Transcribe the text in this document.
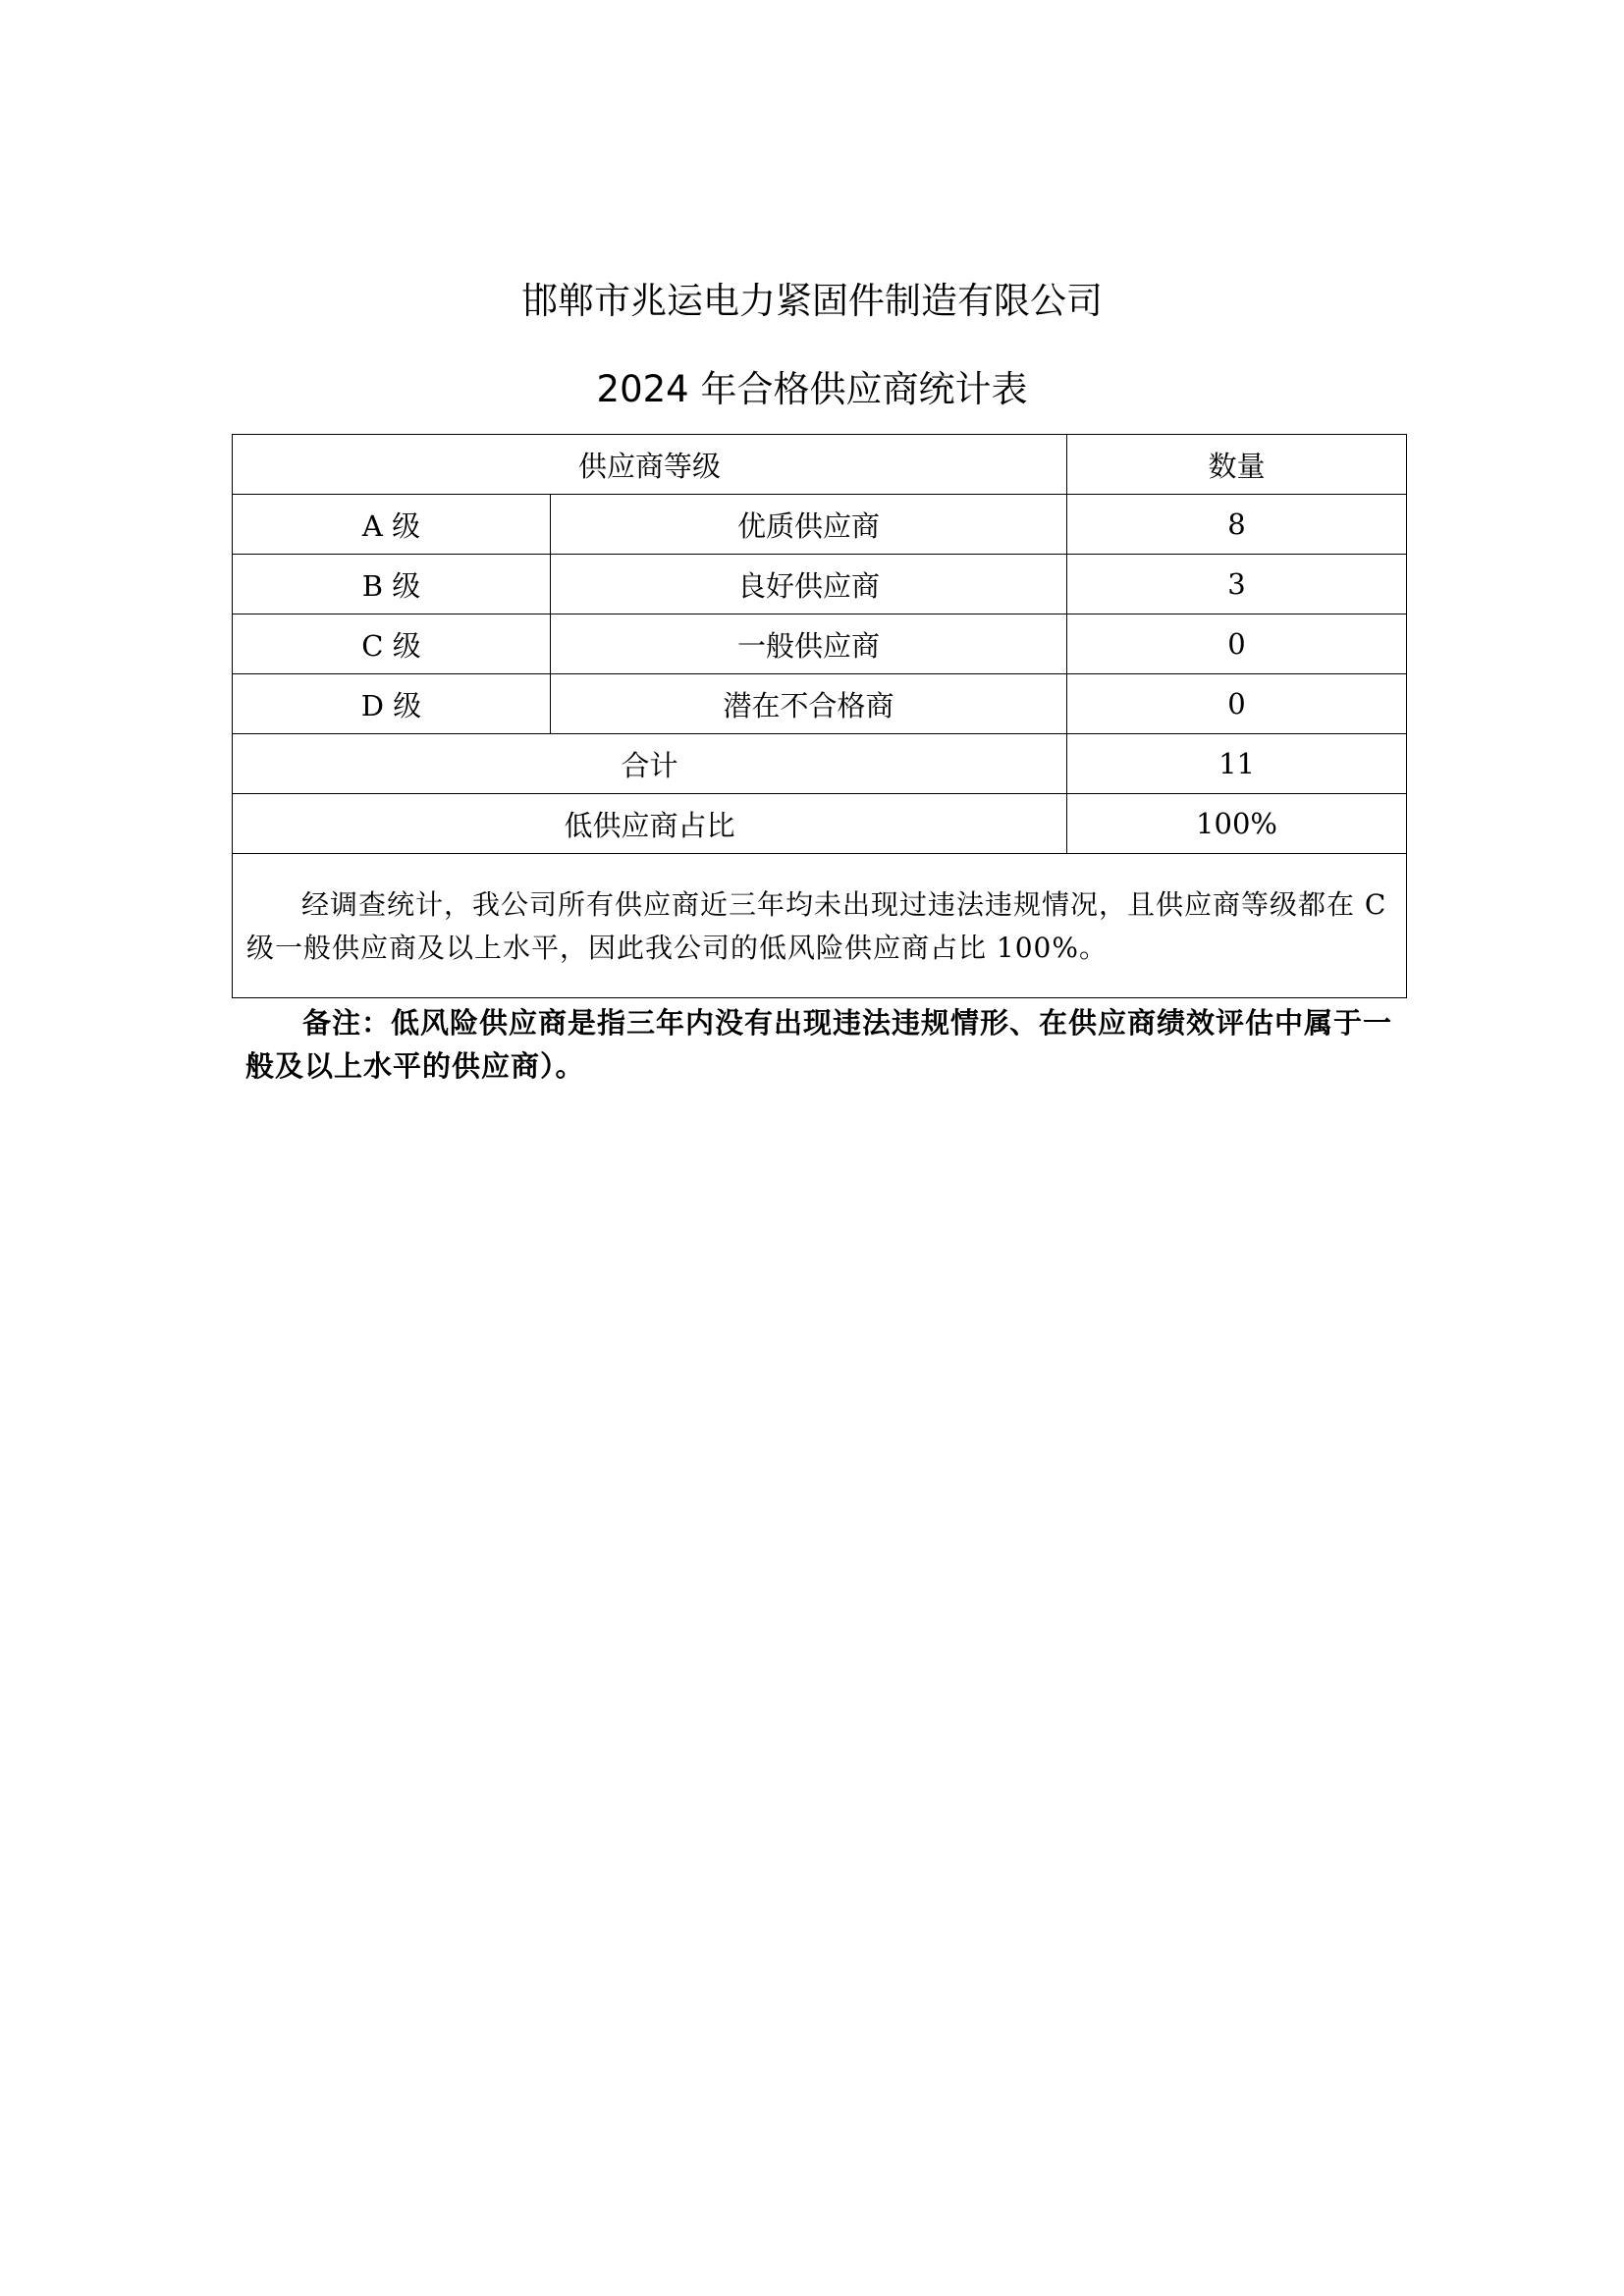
邯郸市兆运电力紧固件制造有限公司
2024 年合格供应商统计表
供应商等级		数量
A 级	优质供应商	8
B 级	良好供应商	3
C 级	一般供应商	0
D 级	潜在不合格商	0
合计		11
低供应商占比		100%
经调查统计，我公司所有供应商近三年均未出现过违法违规情况，且供应商等级都在 C 级一般供应商及以上水平，因此我公司的低风险供应商占比 100%。		
备注：低风险供应商是指三年内没有出现违法违规情形、在供应商绩效评估中属于一般及以上水平的供应商）。
